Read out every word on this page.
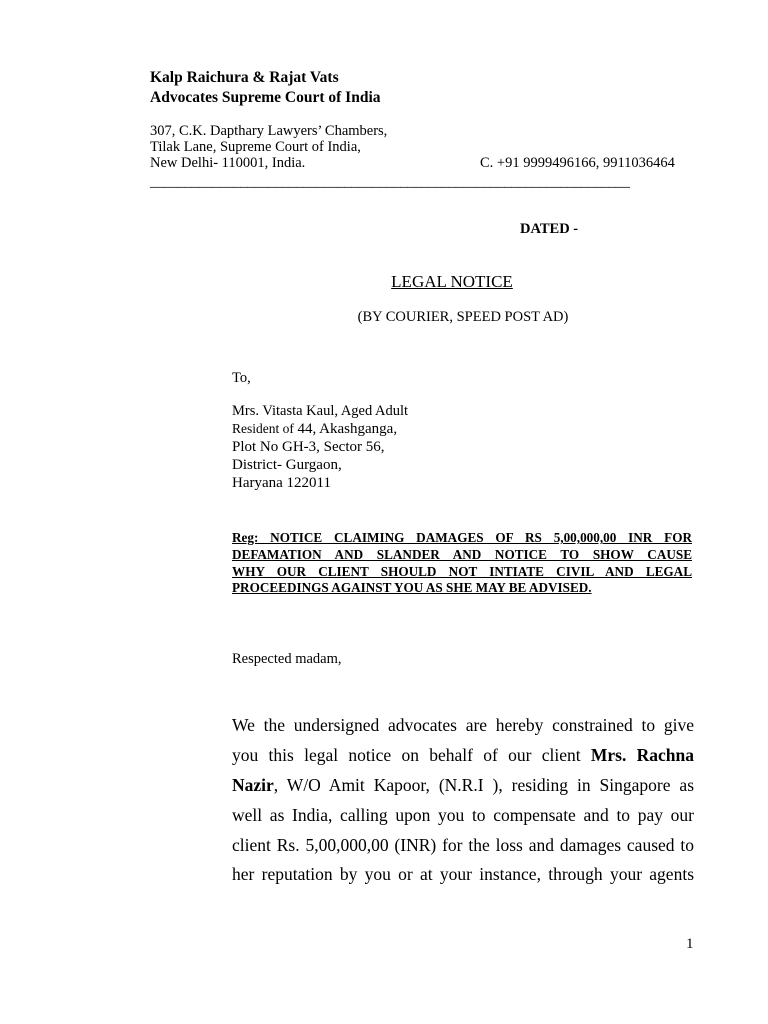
Kalp Raichura & Rajat Vats
Advocates Supreme Court of India
307, C.K. Dapthary Lawyers’ Chambers,
Tilak Lane, Supreme Court of India,
New Delhi- 110001, India.	C. +91 9999496166, 9911036464
_____________________________________________________________________
DATED -
LEGAL NOTICE
(BY COURIER, SPEED POST AD)
To,
Mrs. Vitasta Kaul, Aged Adult
Resident of 44, Akashganga,
Plot No GH-3, Sector 56,
District- Gurgaon,
Haryana 122011
Reg: NOTICE CLAIMING DAMAGES OF RS 5,00,000,00 INR FOR
DEFAMATION AND SLANDER AND NOTICE TO SHOW CAUSE
WHY OUR CLIENT SHOULD NOT INTIATE CIVIL AND LEGAL
PROCEEDINGS AGAINST YOU AS SHE MAY BE ADVISED.
Respected madam,
We the undersigned advocates are hereby constrained to give
you this legal notice on behalf of our client Mrs. Rachna
Nazir, W/O Amit Kapoor, (N.R.I ), residing in Singapore as
well as India, calling upon you to compensate and to pay our
client Rs. 5,00,000,00 (INR) for the loss and damages caused to
her reputation by you or at your instance, through your agents
1
